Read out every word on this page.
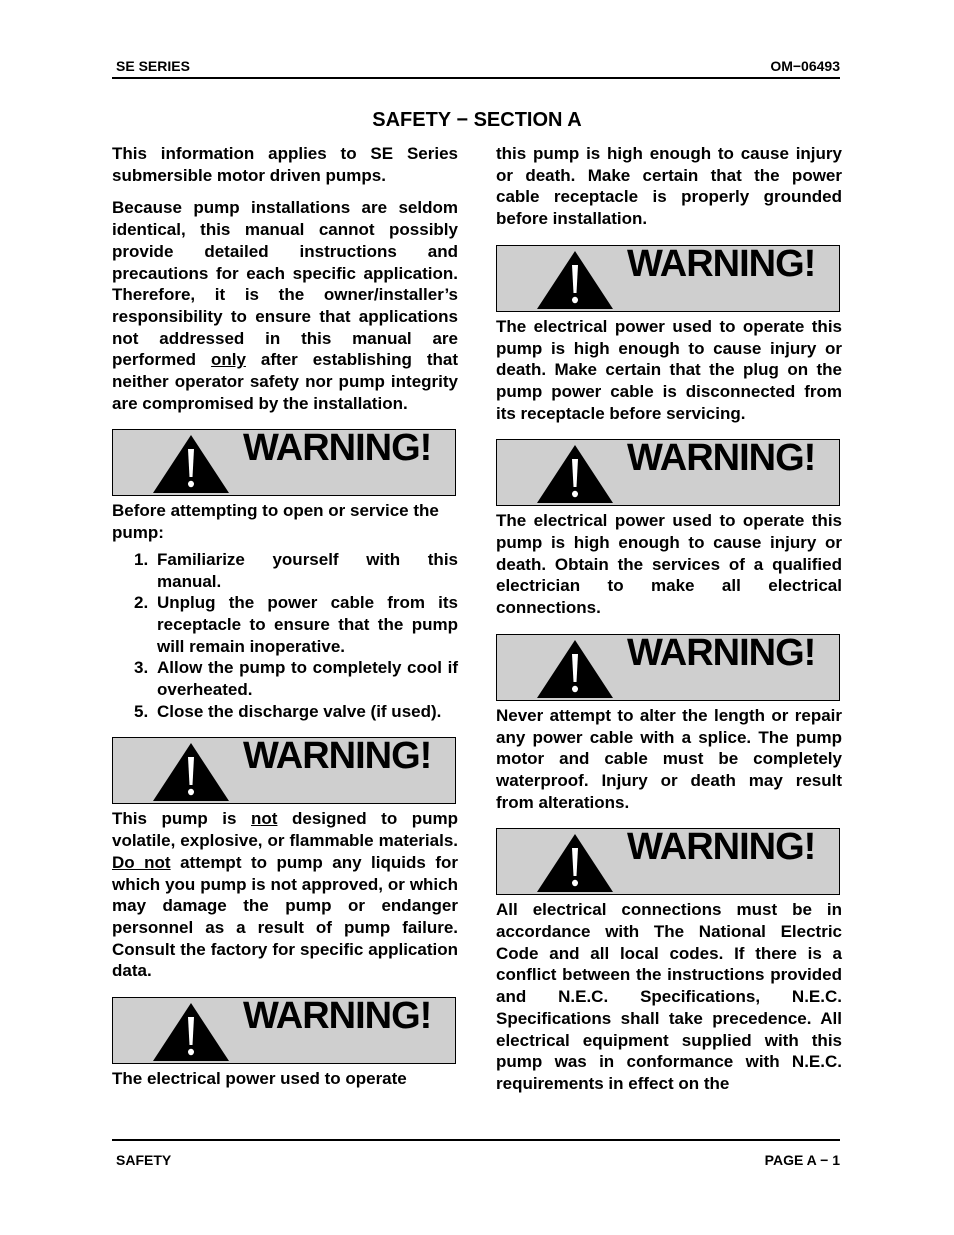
SE SERIES	OM−06493
SAFETY − SECTION A

This information applies to SE Series submersible motor driven pumps.

Because pump installations are seldom identical, this manual cannot possibly provide detailed instructions and precautions for each specific application. Therefore, it is the owner/installer’s responsibility to ensure that applications not addressed in this manual are performed only after establishing that neither operator safety nor pump integrity are compromised by the installation.

WARNING!

Before attempting to open or service the pump:

1. Familiarize yourself with this manual.
2. Unplug the power cable from its receptacle to ensure that the pump will remain inoperative.
3. Allow the pump to completely cool if overheated.
5. Close the discharge valve (if used).
WARNING!

This pump is not designed to pump volatile, explosive, or flammable materials. Do not attempt to pump any liquids for which you pump is not approved, or which may damage the pump or endanger personnel as a result of pump failure. Consult the factory for specific application data.

WARNING!

The electrical power used to operate

this pump is high enough to cause injury or death. Make certain that the power cable receptacle is properly grounded before installation.

WARNING!

The electrical power used to operate this pump is high enough to cause injury or death. Make certain that the plug on the pump power cable is disconnected from its receptacle before servicing.

WARNING!

The electrical power used to operate this pump is high enough to cause injury or death. Obtain the services of a qualified electrician to make all electrical connections.

WARNING!

Never attempt to alter the length or repair any power cable with a splice. The pump motor and cable must be completely waterproof. Injury or death may result from alterations.

WARNING!

All electrical connections must be in accordance with The National Electric Code and all local codes. If there is a conflict between the instructions provided and N.E.C. Specifications, N.E.C. Specifications shall take precedence. All electrical equipment supplied with this pump was in conformance with N.E.C. requirements in effect on the

SAFETY	PAGE A − 1
